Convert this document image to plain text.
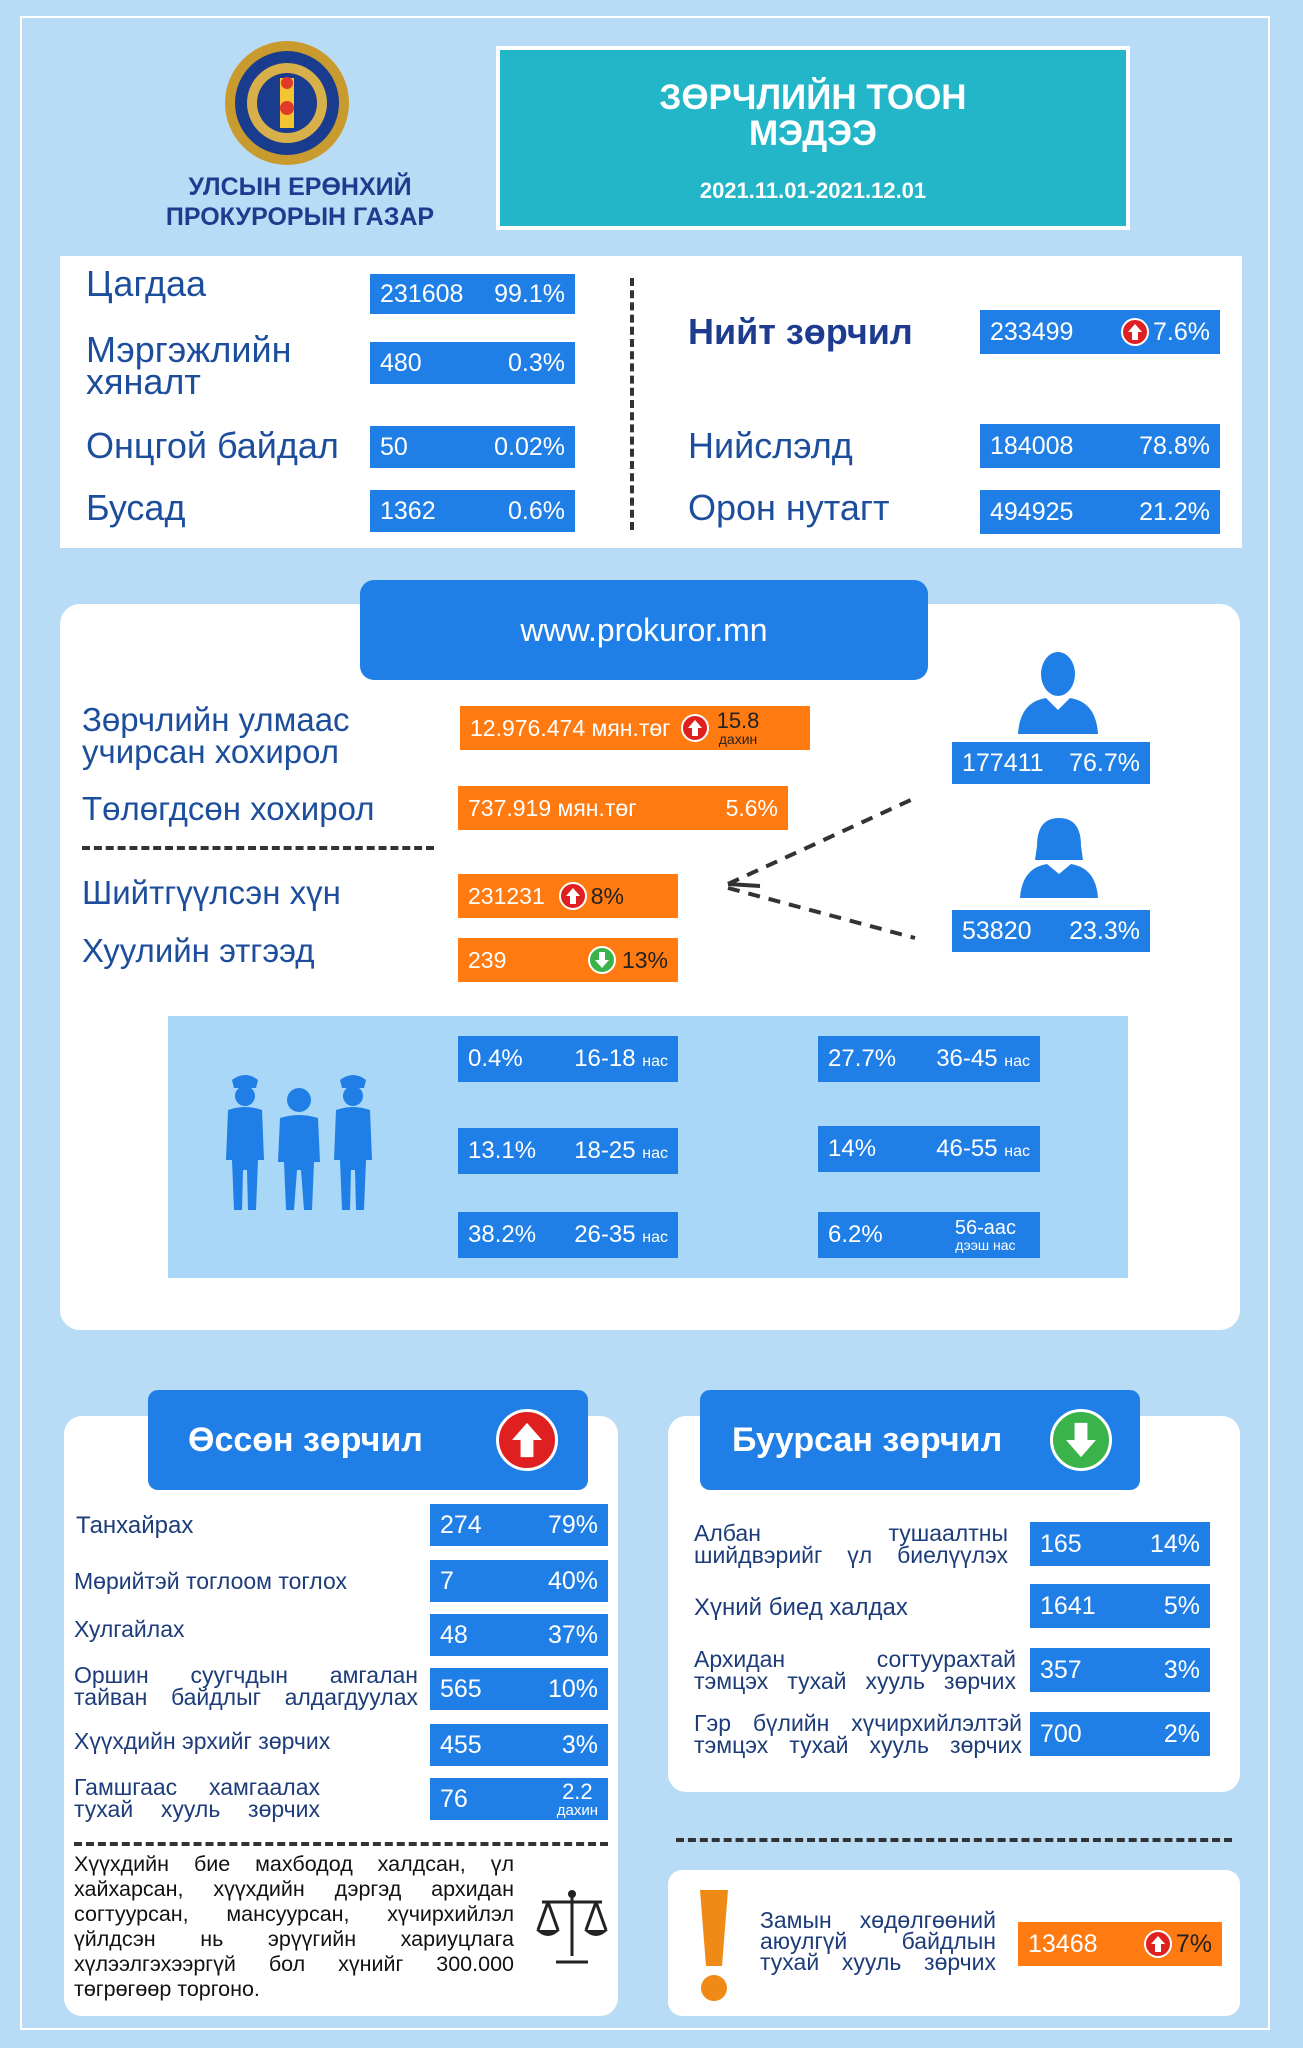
УЛСЫН ЕРӨНХИЙ
ПРОКУРОРЫН ГАЗАР
ЗӨРЧЛИЙН ТООН
МЭДЭЭ
2021.11.01-2021.12.01
Цагдаа	231608 99.1%
Мэргэжлийн
хяналт	480	0.3%
Онцгой байдал 50	0.02%
Бусад	1362	0.6%
Нийт зөрчил	233499	7.6%
Нийслэлд	184008	78.8%
Орон нутагт	494925	21.2%
www.prokuror.mn
Зөрчлийн улмаас
учирсан хохирол
12.976.474 мян.төг 15.8
дахин
Төлөгдсөн хохирол	737.919 мян.төг	5.6%
Шийтгүүлсэн хүн	231231 8%
Хуулийн этгээд	239	13%
177411 76.7%
53820 23.3%
0.4% 16-18 нас
13.1% 18-25 нас
38.2% 26-35 нас
27.7% 36-45 нас
14%	46-55 нас
6.2%	56-аас
дээш нас
Өссөн зөрчил
Танхайрах	274	79%
Мөрийтэй тоглоом тоглох	7	40%
Хулгайлах	48	37%
Оршин суугчдын амгалан
тайван байдлыг алдагдуулах 565	10%
Хүүхдийн эрхийг зөрчих	455	3%
Гамшгаас хамгаалах
тухай хууль зөрчих	76	2.2
дахин
Хүүхдийн бие махбодод халдсан, үл хайхарсан, хүүхдийн дэргэд архидан согтуурсан, мансуурсан, хүчирхийлэл үйлдсэн нь эрүүгийн хариуцлага хүлээлгэхээргүй бол хүнийг 300.000 төгрөгөөр торгоно.
Буурсан зөрчил
Албан тушаалтны
шийдвэрийг үл биелүүлэх 165	14%
Хүний биед халдах	1641	5%
Архидан согтуурахтай
тэмцэх тухай хууль зөрчих 357	3%
Гэр бүлийн хүчирхийлэлтэй
тэмцэх тухай хууль зөрчих 700	2%
Замын хөдөлгөөний
аюулгүй байдлын
тухай хууль зөрчих
13468	7%
